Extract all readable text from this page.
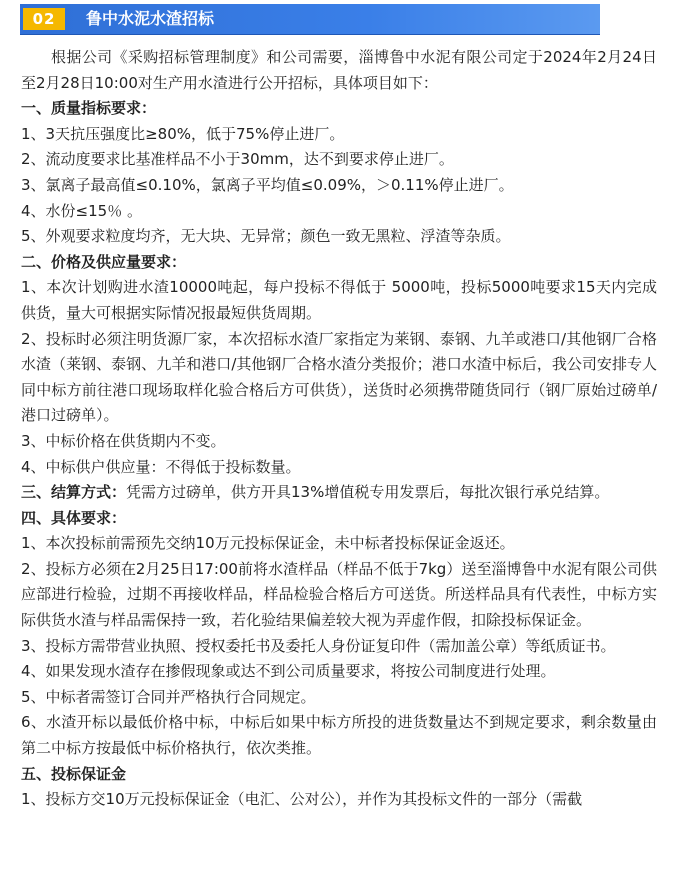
02	鲁中水泥水渣招标

根据公司《采购招标管理制度》和公司需要，淄博鲁中水泥有限公司定于2024年2月24日至2月28日10:00对生产用水渣进行公开招标，具体项目如下：

一、质量指标要求：

1、3天抗压强度比≥80%，低于75%停止进厂。

2、流动度要求比基准样品不小于30mm，达不到要求停止进厂。

3、氯离子最高值≤0.10%，氯离子平均值≤0.09%，＞0.11%停止进厂。

4、水份≤15％ 。

5、外观要求粒度均齐，无大块、无异常；颜色一致无黑粒、浮渣等杂质。

二、价格及供应量要求：

1、本次计划购进水渣10000吨起，每户投标不得低于 5000吨，投标5000吨要求15天内完成供货，量大可根据实际情况报最短供货周期。

2、投标时必须注明货源厂家，本次招标水渣厂家指定为莱钢、泰钢、九羊或港口/其他钢厂合格水渣（莱钢、泰钢、九羊和港口/其他钢厂合格水渣分类报价；港口水渣中标后，我公司安排专人同中标方前往港口现场取样化验合格后方可供货），送货时必须携带随货同行（钢厂原始过磅单/港口过磅单）。

3、中标价格在供货期内不变。

4、中标供户供应量：不得低于投标数量。

三、结算方式：凭需方过磅单，供方开具13%增值税专用发票后，每批次银行承兑结算。

四、具体要求：

1、本次投标前需预先交纳10万元投标保证金，未中标者投标保证金返还。

2、投标方必须在2月25日17:00前将水渣样品（样品不低于7kg）送至淄博鲁中水泥有限公司供应部进行检验，过期不再接收样品，样品检验合格后方可送货。所送样品具有代表性，中标方实际供货水渣与样品需保持一致，若化验结果偏差较大视为弄虚作假，扣除投标保证金。

3、投标方需带营业执照、授权委托书及委托人身份证复印件（需加盖公章）等纸质证书。

4、如果发现水渣存在掺假现象或达不到公司质量要求，将按公司制度进行处理。

5、中标者需签订合同并严格执行合同规定。

6、水渣开标以最低价格中标，中标后如果中标方所投的进货数量达不到规定要求，剩余数量由第二中标方按最低中标价格执行，依次类推。

五、投标保证金

1、投标方交10万元投标保证金（电汇、公对公），并作为其投标文件的一部分（需截
